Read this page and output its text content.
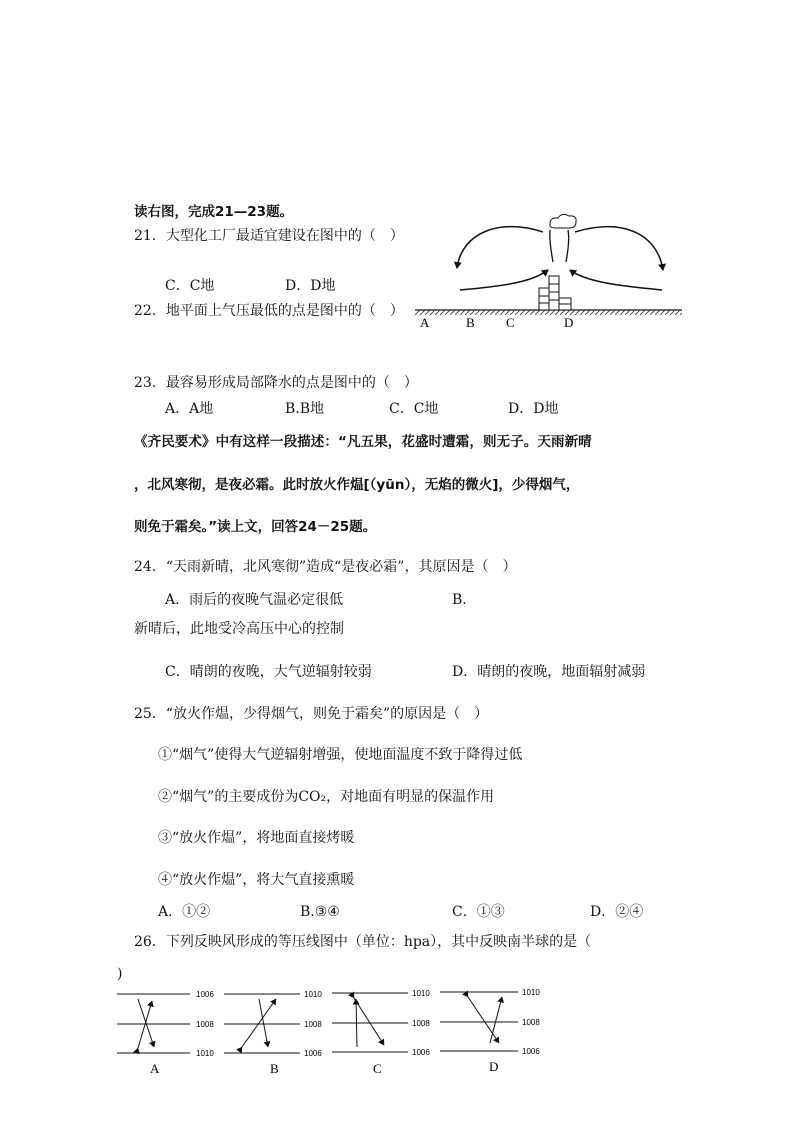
读右图，完成21—23题。
21．大型化工厂最适宜建设在图中的（　）
C．C地	D．D地
22．地平面上气压最低的点是图中的（　）
A	B C	D
23．最容易形成局部降水的点是图中的（　）
A．A地	B.B地	C．C地	D．D地
《齐民要术》中有这样一段描述：“凡五果，花盛时遭霜，则无子。天雨新晴
，北风寒彻，是夜必霜。此时放火作煴[（yūn），无焰的微火]，少得烟气，
则免于霜矣。”读上文，回答24－25题。
24．“天雨新晴，北风寒彻”造成“是夜必霜”，其原因是（　）
A．雨后的夜晚气温必定很低	B.
新晴后，此地受冷高压中心的控制
C．晴朗的夜晚，大气逆辐射较弱	D．晴朗的夜晚，地面辐射减弱
25．“放火作煴，少得烟气，则免于霜矣”的原因是（　）
①“烟气”使得大气逆辐射增强，使地面温度不致于降得过低
②“烟气”的主要成份为CO₂，对地面有明显的保温作用
③“放火作煴”，将地面直接烤暖
④“放火作煴”，将大气直接熏暖
A．①②	B.③④	C．①③	D．②④
26．下列反映风形成的等压线图中（单位：hpa），其中反映南半球的是（
)
1006
1008
1010
A
1010
1008
1006
B
1010
1008
1006
C
1010
1008
1006
D
